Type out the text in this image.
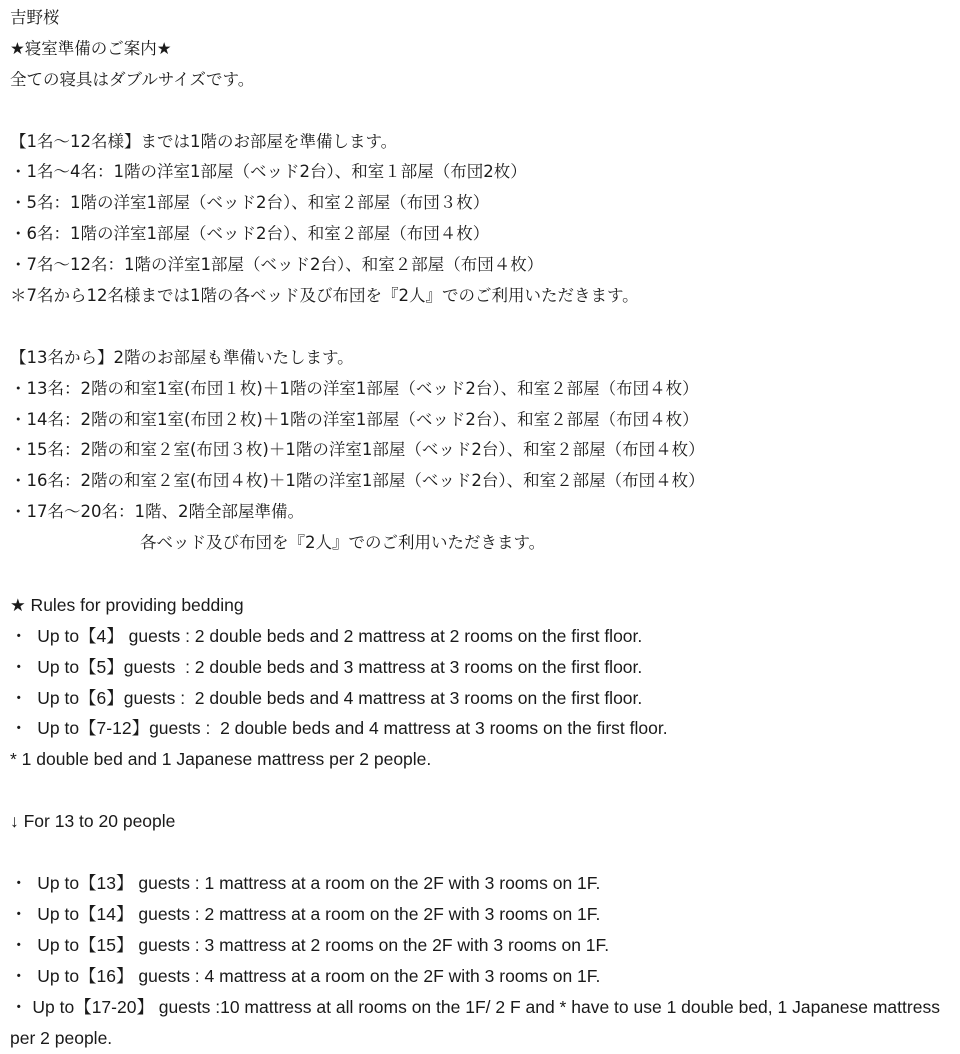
吉野桜
★寝室準備のご案内★
全ての寝具はダブルサイズです。
【1名〜12名様】までは1階のお部屋を準備します。
・1名〜4名：1階の洋室1部屋（ベッド2台）、和室１部屋（布団2枚）
・5名：1階の洋室1部屋（ベッド2台）、和室２部屋（布団３枚）
・6名：1階の洋室1部屋（ベッド2台）、和室２部屋（布団４枚）
・7名〜12名：1階の洋室1部屋（ベッド2台）、和室２部屋（布団４枚）
＊7名から12名様までは1階の各ベッド及び布団を『2人』でのご利用いただきます。
【13名から】2階のお部屋も準備いたします。
・13名：2階の和室1室(布団１枚)＋1階の洋室1部屋（ベッド2台）、和室２部屋（布団４枚）
・14名：2階の和室1室(布団２枚)＋1階の洋室1部屋（ベッド2台）、和室２部屋（布団４枚）
・15名：2階の和室２室(布団３枚)＋1階の洋室1部屋（ベッド2台）、和室２部屋（布団４枚）
・16名：2階の和室２室(布団４枚)＋1階の洋室1部屋（ベッド2台）、和室２部屋（布団４枚）
・17名〜20名：1階、2階全部屋準備。
各ベッド及び布団を『2人』でのご利用いただきます。
★ Rules for providing bedding
・  Up to【4】 guests : 2 double beds and 2 mattress at 2 rooms on the first floor.
・  Up to【5】guests  : 2 double beds and 3 mattress at 3 rooms on the first floor.
・  Up to【6】guests :  2 double beds and 4 mattress at 3 rooms on the first floor.
・  Up to【7-12】guests :  2 double beds and 4 mattress at 3 rooms on the first floor.
* 1 double bed and 1 Japanese mattress per 2 people.
↓ For 13 to 20 people
・  Up to【13】 guests : 1 mattress at a room on the 2F with 3 rooms on 1F.
・  Up to【14】 guests : 2 mattress at a room on the 2F with 3 rooms on 1F.
・  Up to【15】 guests : 3 mattress at 2 rooms on the 2F with 3 rooms on 1F.
・  Up to【16】 guests : 4 mattress at a room on the 2F with 3 rooms on 1F.
・ Up to【17-20】 guests :10 mattress at all rooms on the 1F/ 2 F and * have to use 1 double bed, 1 Japanese mattress per 2 people.
